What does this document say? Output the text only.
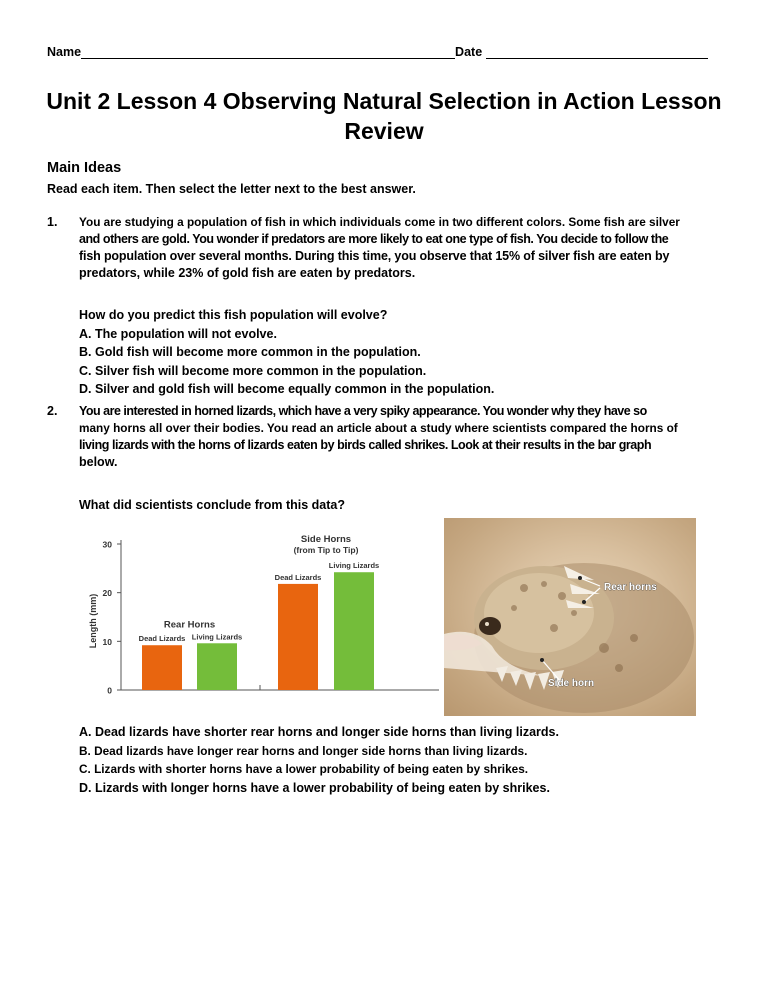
Name	Date
Unit 2 Lesson 4 Observing Natural Selection in Action Lesson
Review
Main Ideas
Read each item. Then select the letter next to the best answer.
1. You are studying a population of fish in which individuals come in two different colors. Some fish are silver
and others are gold. You wonder if predators are more likely to eat one type of fish. You decide to follow the
fish population over several months. During this time, you observe that 15% of silver fish are eaten by
predators, while 23% of gold fish are eaten by predators.
How do you predict this fish population will evolve?
A. The population will not evolve.
B. Gold fish will become more common in the population.
C. Silver fish will become more common in the population.
D. Silver and gold fish will become equally common in the population.
2. You are interested in horned lizards, which have a very spiky appearance. You wonder why they have so
many horns all over their bodies. You read an article about a study where scientists compared the horns of
living lizards with the horns of lizards eaten by birds called shrikes. Look at their results in the bar graph
below.
What did scientists conclude from this data?
0
10
20
30
Length (mm)	Dead Lizards Living Lizards
Rear Horns
Dead Lizards
Living Lizards
Side Horns
(from Tip to Tip)
Rear horns
Side horn
A. Dead lizards have shorter rear horns and longer side horns than living lizards.
B. Dead lizards have longer rear horns and longer side horns than living lizards.
C. Lizards with shorter horns have a lower probability of being eaten by shrikes.
D. Lizards with longer horns have a lower probability of being eaten by shrikes.
